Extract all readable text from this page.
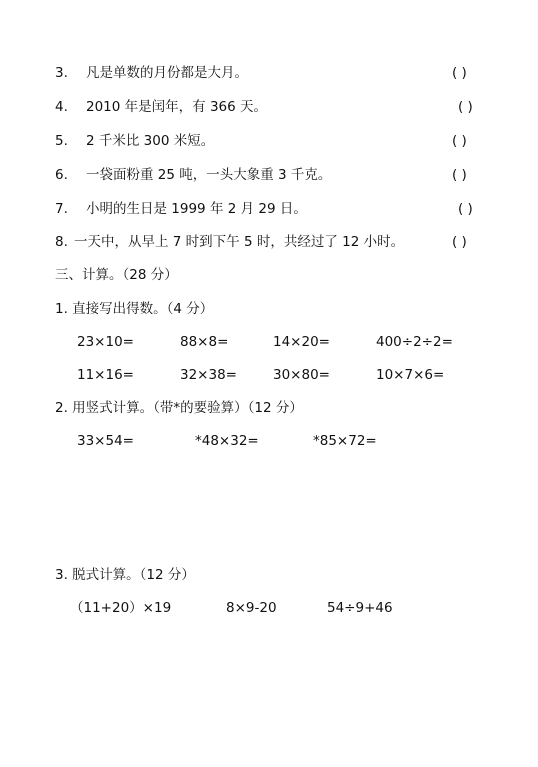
3. 凡是单数的月份都是大月。	( )
4. 2010 年是闰年，有 366 天。	( )
5. 2 千米比 300 米短。	( )
6. 一袋面粉重 25 吨，一头大象重 3 千克。	( )
7. 小明的生日是 1999 年 2 月 29 日。	( )
8. 一天中，从早上 7 时到下午 5 时，共经过了 12 小时。	( )
三、计算。（28 分）
1. 直接写出得数。（4 分）
23×10=	88×8=	14×20=	400÷2÷2=
11×16=	32×38=	30×80=	10×7×6=
2. 用竖式计算。（带*的要验算）（12 分）
33×54=	*48×32=	*85×72=
3. 脱式计算。（12 分）
（11+20）×19	8×9-20	54÷9+46
